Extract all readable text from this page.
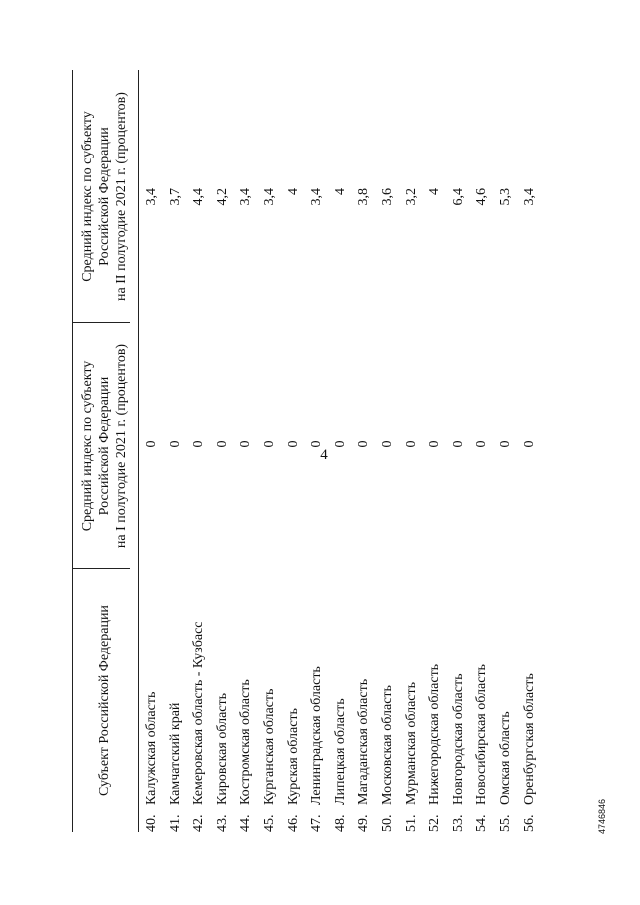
4
4746846
Субъект Российской Федерации
Средний индекс по субъекту Российской Федерации на I полугодие 2021 г. (процентов)
Средний индекс по субъекту Российской Федерации на II полугодие 2021 г. (процентов)
40.
Калужская область
0
3,4
41.
Камчатский край
0
3,7
42.
Кемеровская область - Кузбасс
0
4,4
43.
Кировская область
0
4,2
44.
Костромская область
0
3,4
45.
Курганская область
0
3,4
46.
Курская область
0
4
47.
Ленинградская область
0
3,4
48.
Липецкая область
0
4
49.
Магаданская область
0
3,8
50.
Московская область
0
3,6
51.
Мурманская область
0
3,2
52.
Нижегородская область
0
4
53.
Новгородская область
0
6,4
54.
Новосибирская область
0
4,6
55.
Омская область
0
5,3
56.
Оренбургская область
0
3,4
